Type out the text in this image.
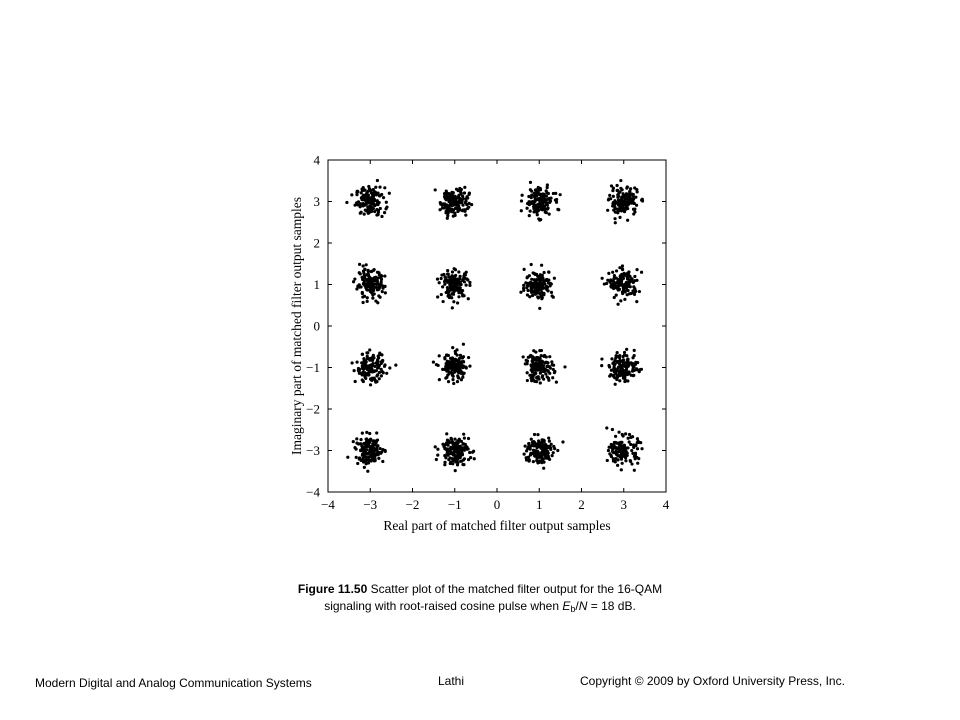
−4 −3 −2 −1 0	1	2	3	4
−4
−3
−2
−1
0
1
2
3
4
Real part of matched filter output samples
Imaginary part of matched filter output samples
Figure 11.50 Scatter plot of the matched filter output for the 16-QAM
signaling with root-raised cosine pulse when $E_b/N = 18$ dB.
Modern Digital and Analog Communication Systems	Lathi	Copyright © 2009 by Oxford University Press, Inc.
